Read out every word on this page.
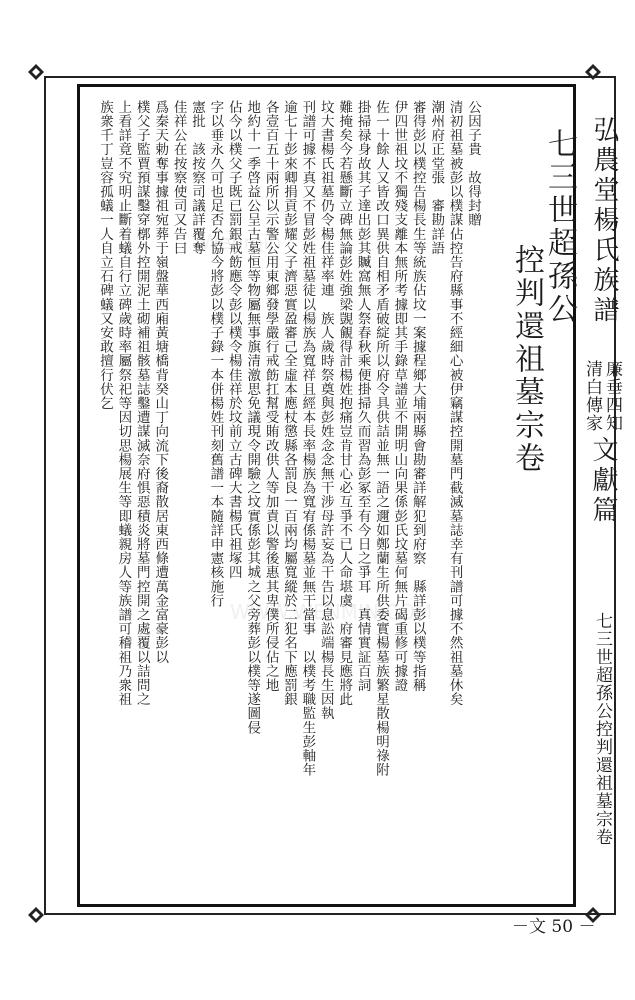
Wenmin
WWW.WENMIN.COM
弘農堂楊氏族譜
廉垂四知
清白傳家
文獻篇
七三世超孫公控判還祖墓宗卷
七三世超孫公
控判還祖墓宗卷
公因子貴　故得封贈
清初祖墓被彭以樸謀佔控告府縣事不經細心被伊竊謀控開墓門截滅墓誌幸有刊譜可據不然祖墓休矣
潮州府正堂張　審勘詳語
審得彭以樸控告楊長生等統族佔坟一案據程鄉大埔兩縣會勘審詳解犯到府察　縣詳彭以樸等指稱
伊四世祖坟不獨殘支離本無所考據即其手錄草譜並不開明山向果係彭氏坟墓何無片碣重修可據證
佐一十餘人又皆改口異供自相矛盾破綻所以府令具供詰並無一語之邇如鄭蘭生所供委實楊墓族繁星散楊明祿附
掛掃禄身故其子達出彭其贓窩無人祭春秋乘便掛掃久而習為彭冢至有今日之爭耳　真情實証百詞
難掩矣今若懸斷立碑無論彭姓強梁覬覦得計楊姓抱痛豈肯甘心必互爭不已人命堪虞　府審見應將此
坟大書楊氏祖墓仍令楊佳祥率連　族人歲時祭奠與彭姓念念無干涉母許妄為干告以息訟端楊長生因執
刊譜可據不真又不冒彭姓祖墓徒以楊族為寬祥且經本長率楊族為寬宥係楊墓並無干當事　以樸考職監生彭軸年
逾七十彭來卿捐貢彭耀父子濟惡實盈審己全虛本應杖懲縣各罰良一百兩均屬寬縱於二犯名下應罰銀
各壹百五十兩所以示警公用東鄉發學嚴行戒飭扛幫受賄改供人等加責以警後惠其卑僕所侵佔之地
地約十一季啓益公呈古墓恒等物屬無事旗清激思免議現令開驗之坟實係彭其城之父旁葬彭以樸等遂圖侵
佔今以樸父子既已罰銀戒飭應令彭以樸令楊佳祥於坟前立古碑大書楊氏祖塚四
字以垂永久可也足否允協今將彭以樸子錄一本併楊姓刊刻舊譜一本隨詳申憲核施行
憲批　該按察司議詳覆奪
佳祥公在按察使司又告曰
爲秦天勅奪事據祖宛葬于嶺盤華西廂黃塘橋背癸山丁向流下後裔散居東西條遭萬金富豪彭以
樸父子監賈預謀鑿穿槨外控開泥土砌補祖骸墓誌鑿遭謀滅奈府惧惡積炎將墓門控開之處覆以詰問之
上看詳竟不究明止斷着蟻自行立碑歲時率屬祭祀等因切思楊展生等即蟻親房人等族譜可稽祖乃衆祖
族衆千丁豈容孤蟻一人自立石碑蟻又安敢擅行伏乞
－文 50 －
